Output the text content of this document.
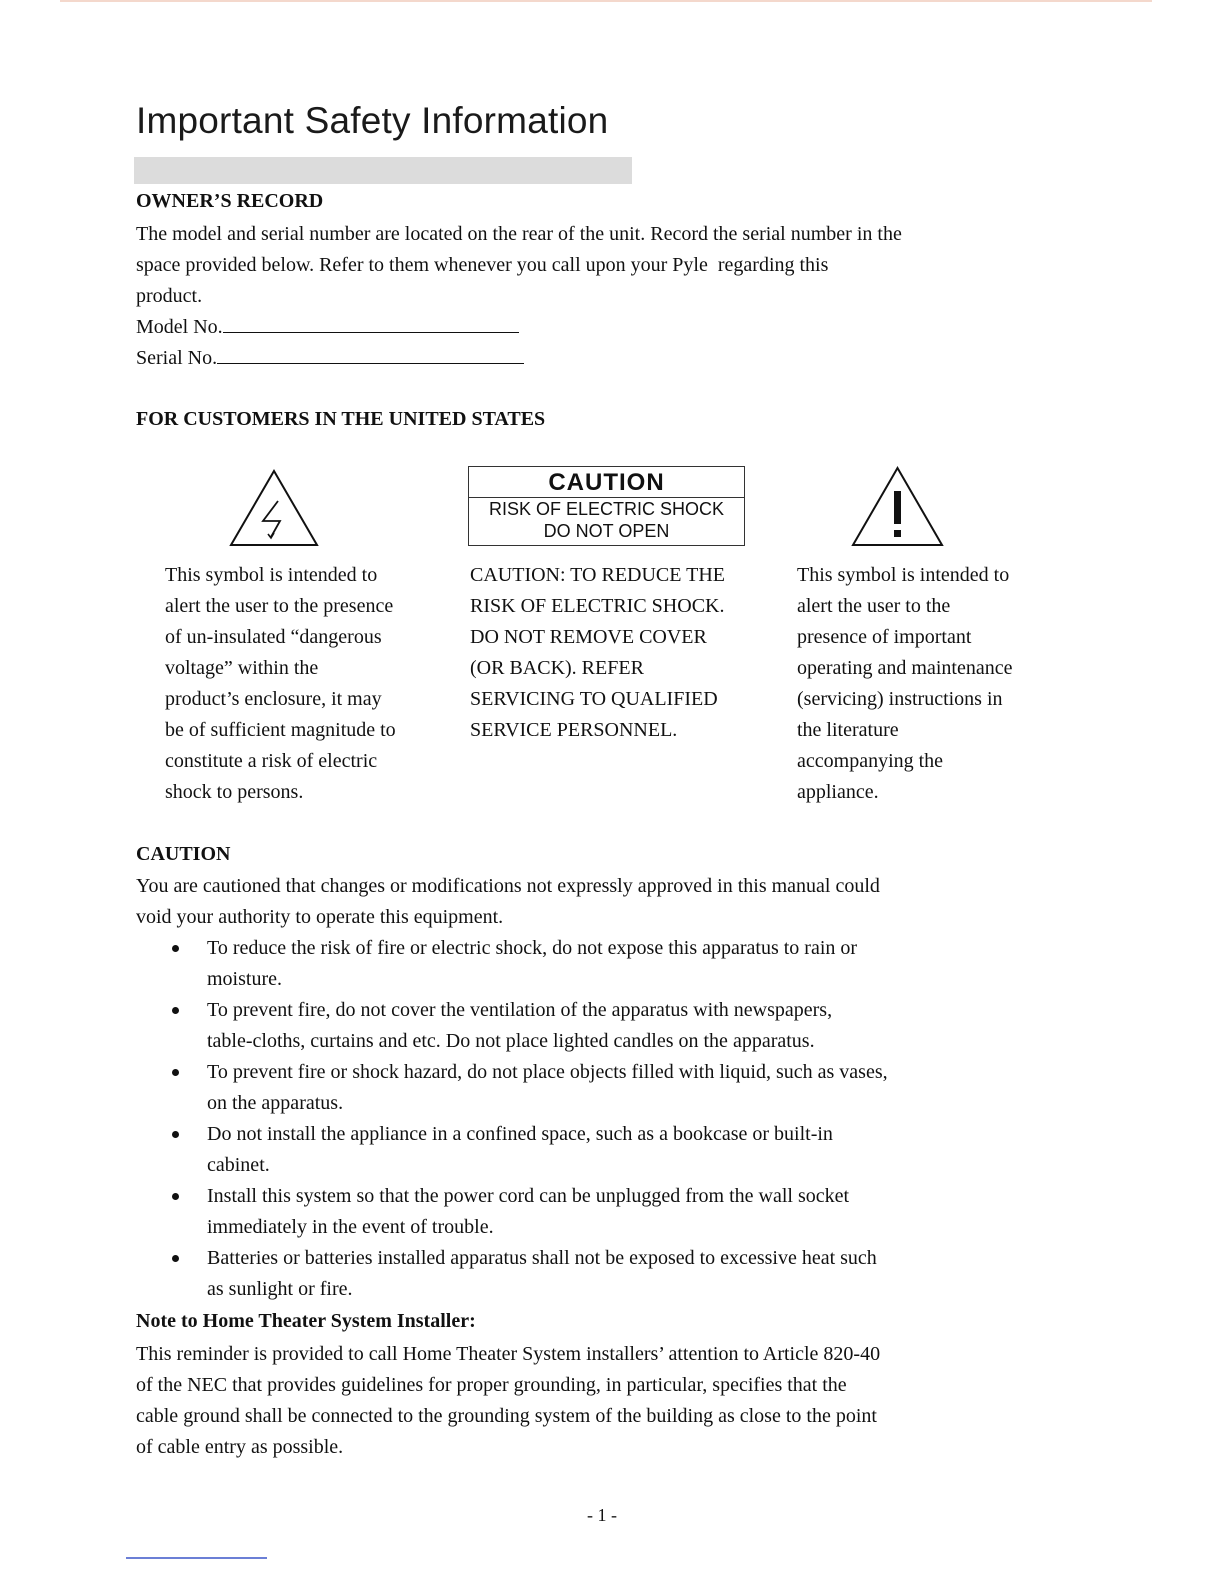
Important Safety Information
OWNER’S RECORD
The model and serial number are located on the rear of the unit. Record the serial number in the
space provided below. Refer to them whenever you call upon your Pyle  regarding this
product.
Model No.
Serial No.
FOR CUSTOMERS IN THE UNITED STATES
CAUTION
RISK OF ELECTRIC SHOCK
DO NOT OPEN
This symbol is intended to
alert the user to the presence
of un-insulated “dangerous
voltage” within the
product’s enclosure, it may
be of sufficient magnitude to
constitute a risk of electric
shock to persons.
CAUTION: TO REDUCE THE
RISK OF ELECTRIC SHOCK.
DO NOT REMOVE COVER
(OR BACK). REFER
SERVICING TO QUALIFIED
SERVICE PERSONNEL.
This symbol is intended to
alert the user to the
presence of important
operating and maintenance
(servicing) instructions in
the literature
accompanying the
appliance.
CAUTION
You are cautioned that changes or modifications not expressly approved in this manual could
void your authority to operate this equipment.
To reduce the risk of fire or electric shock, do not expose this apparatus to rain or
moisture.
To prevent fire, do not cover the ventilation of the apparatus with newspapers,
table-cloths, curtains and etc. Do not place lighted candles on the apparatus.
To prevent fire or shock hazard, do not place objects filled with liquid, such as vases,
on the apparatus.
Do not install the appliance in a confined space, such as a bookcase or built-in
cabinet.
Install this system so that the power cord can be unplugged from the wall socket
immediately in the event of trouble.
Batteries or batteries installed apparatus shall not be exposed to excessive heat such
as sunlight or fire.
Note to Home Theater System Installer:
This reminder is provided to call Home Theater System installers’ attention to Article 820-40
of the NEC that provides guidelines for proper grounding, in particular, specifies that the
cable ground shall be connected to the grounding system of the building as close to the point
of cable entry as possible.
- 1 -
